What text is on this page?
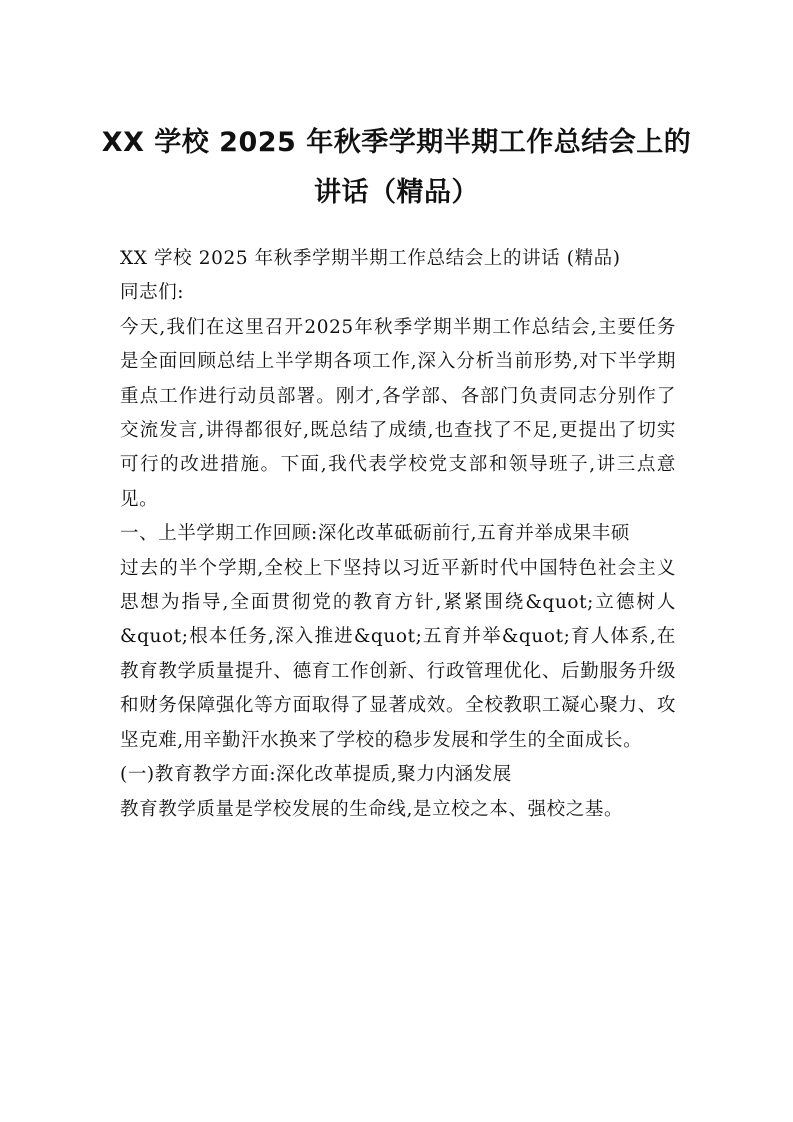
XX 学校 2025 年秋季学期半期工作总结会上的讲话（精品）

XX 学校 2025 年秋季学期半期工作总结会上的讲话 (精品)

同志们:

今天,我们在这里召开2025年秋季学期半期工作总结会,主要任务是全面回顾总结上半学期各项工作,深入分析当前形势,对下半学期重点工作进行动员部署。刚才,各学部、各部门负责同志分别作了交流发言,讲得都很好,既总结了成绩,也查找了不足,更提出了切实可行的改进措施。下面,我代表学校党支部和领导班子,讲三点意见。

一、上半学期工作回顾:深化改革砥砺前行,五育并举成果丰硕

过去的半个学期,全校上下坚持以习近平新时代中国特色社会主义思想为指导,全面贯彻党的教育方针,紧紧围绕&quot;立德树人&quot;根本任务,深入推进&quot;五育并举&quot;育人体系,在教育教学质量提升、德育工作创新、行政管理优化、后勤服务升级和财务保障强化等方面取得了显著成效。全校教职工凝心聚力、攻坚克难,用辛勤汗水换来了学校的稳步发展和学生的全面成长。

(一)教育教学方面:深化改革提质,聚力内涵发展

教育教学质量是学校发展的生命线,是立校之本、强校之基。
